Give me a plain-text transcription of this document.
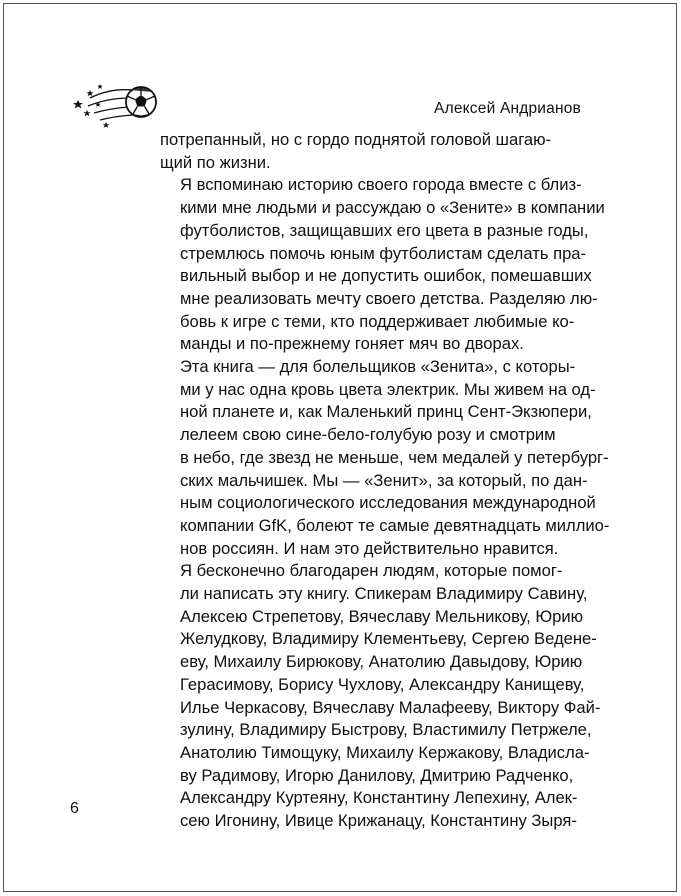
Алексей Андрианов

потрепанный, но с гордо поднятой головой шагаю-
щий по жизни.

Я вспоминаю историю своего города вместе с близ-
кими мне людьми и рассуждаю о «Зените» в компании
футболистов, защищавших его цвета в разные годы,
стремлюсь помочь юным футболистам сделать пра-
вильный выбор и не допустить ошибок, помешавших
мне реализовать мечту своего детства. Разделяю лю-
бовь к игре с теми, кто поддерживает любимые ко-
манды и по-прежнему гоняет мяч во дворах.

Эта книга — для болельщиков «Зенита», с которы-
ми у нас одна кровь цвета электрик. Мы живем на од-
ной планете и, как Маленький принц Сент-Экзюпери,
лелеем свою сине-бело-голубую розу и смотрим
в небо, где звезд не меньше, чем медалей у петербург-
ских мальчишек. Мы — «Зенит», за который, по дан-
ным социологического исследования международной
компании GfK, болеют те самые девятнадцать миллио-
нов россиян. И нам это действительно нравится.

Я бесконечно благодарен людям, которые помог-
ли написать эту книгу. Спикерам Владимиру Савину,
Алексею Стрепетову, Вячеславу Мельникову, Юрию
Желудкову, Владимиру Клементьеву, Сергею Ведене-
еву, Михаилу Бирюкову, Анатолию Давыдову, Юрию
Герасимову, Борису Чухлову, Александру Канищеву,
Илье Черкасову, Вячеславу Малафееву, Виктору Фай-
зулину, Владимиру Быстрову, Властимилу Петржеле,
Анатолию Тимощуку, Михаилу Кержакову, Владисла-
ву Радимову, Игорю Данилову, Дмитрию Радченко,
Александру Куртеяну, Константину Лепехину, Алек-
сею Игонину, Ивице Крижанацу, Константину Зыря-

6
